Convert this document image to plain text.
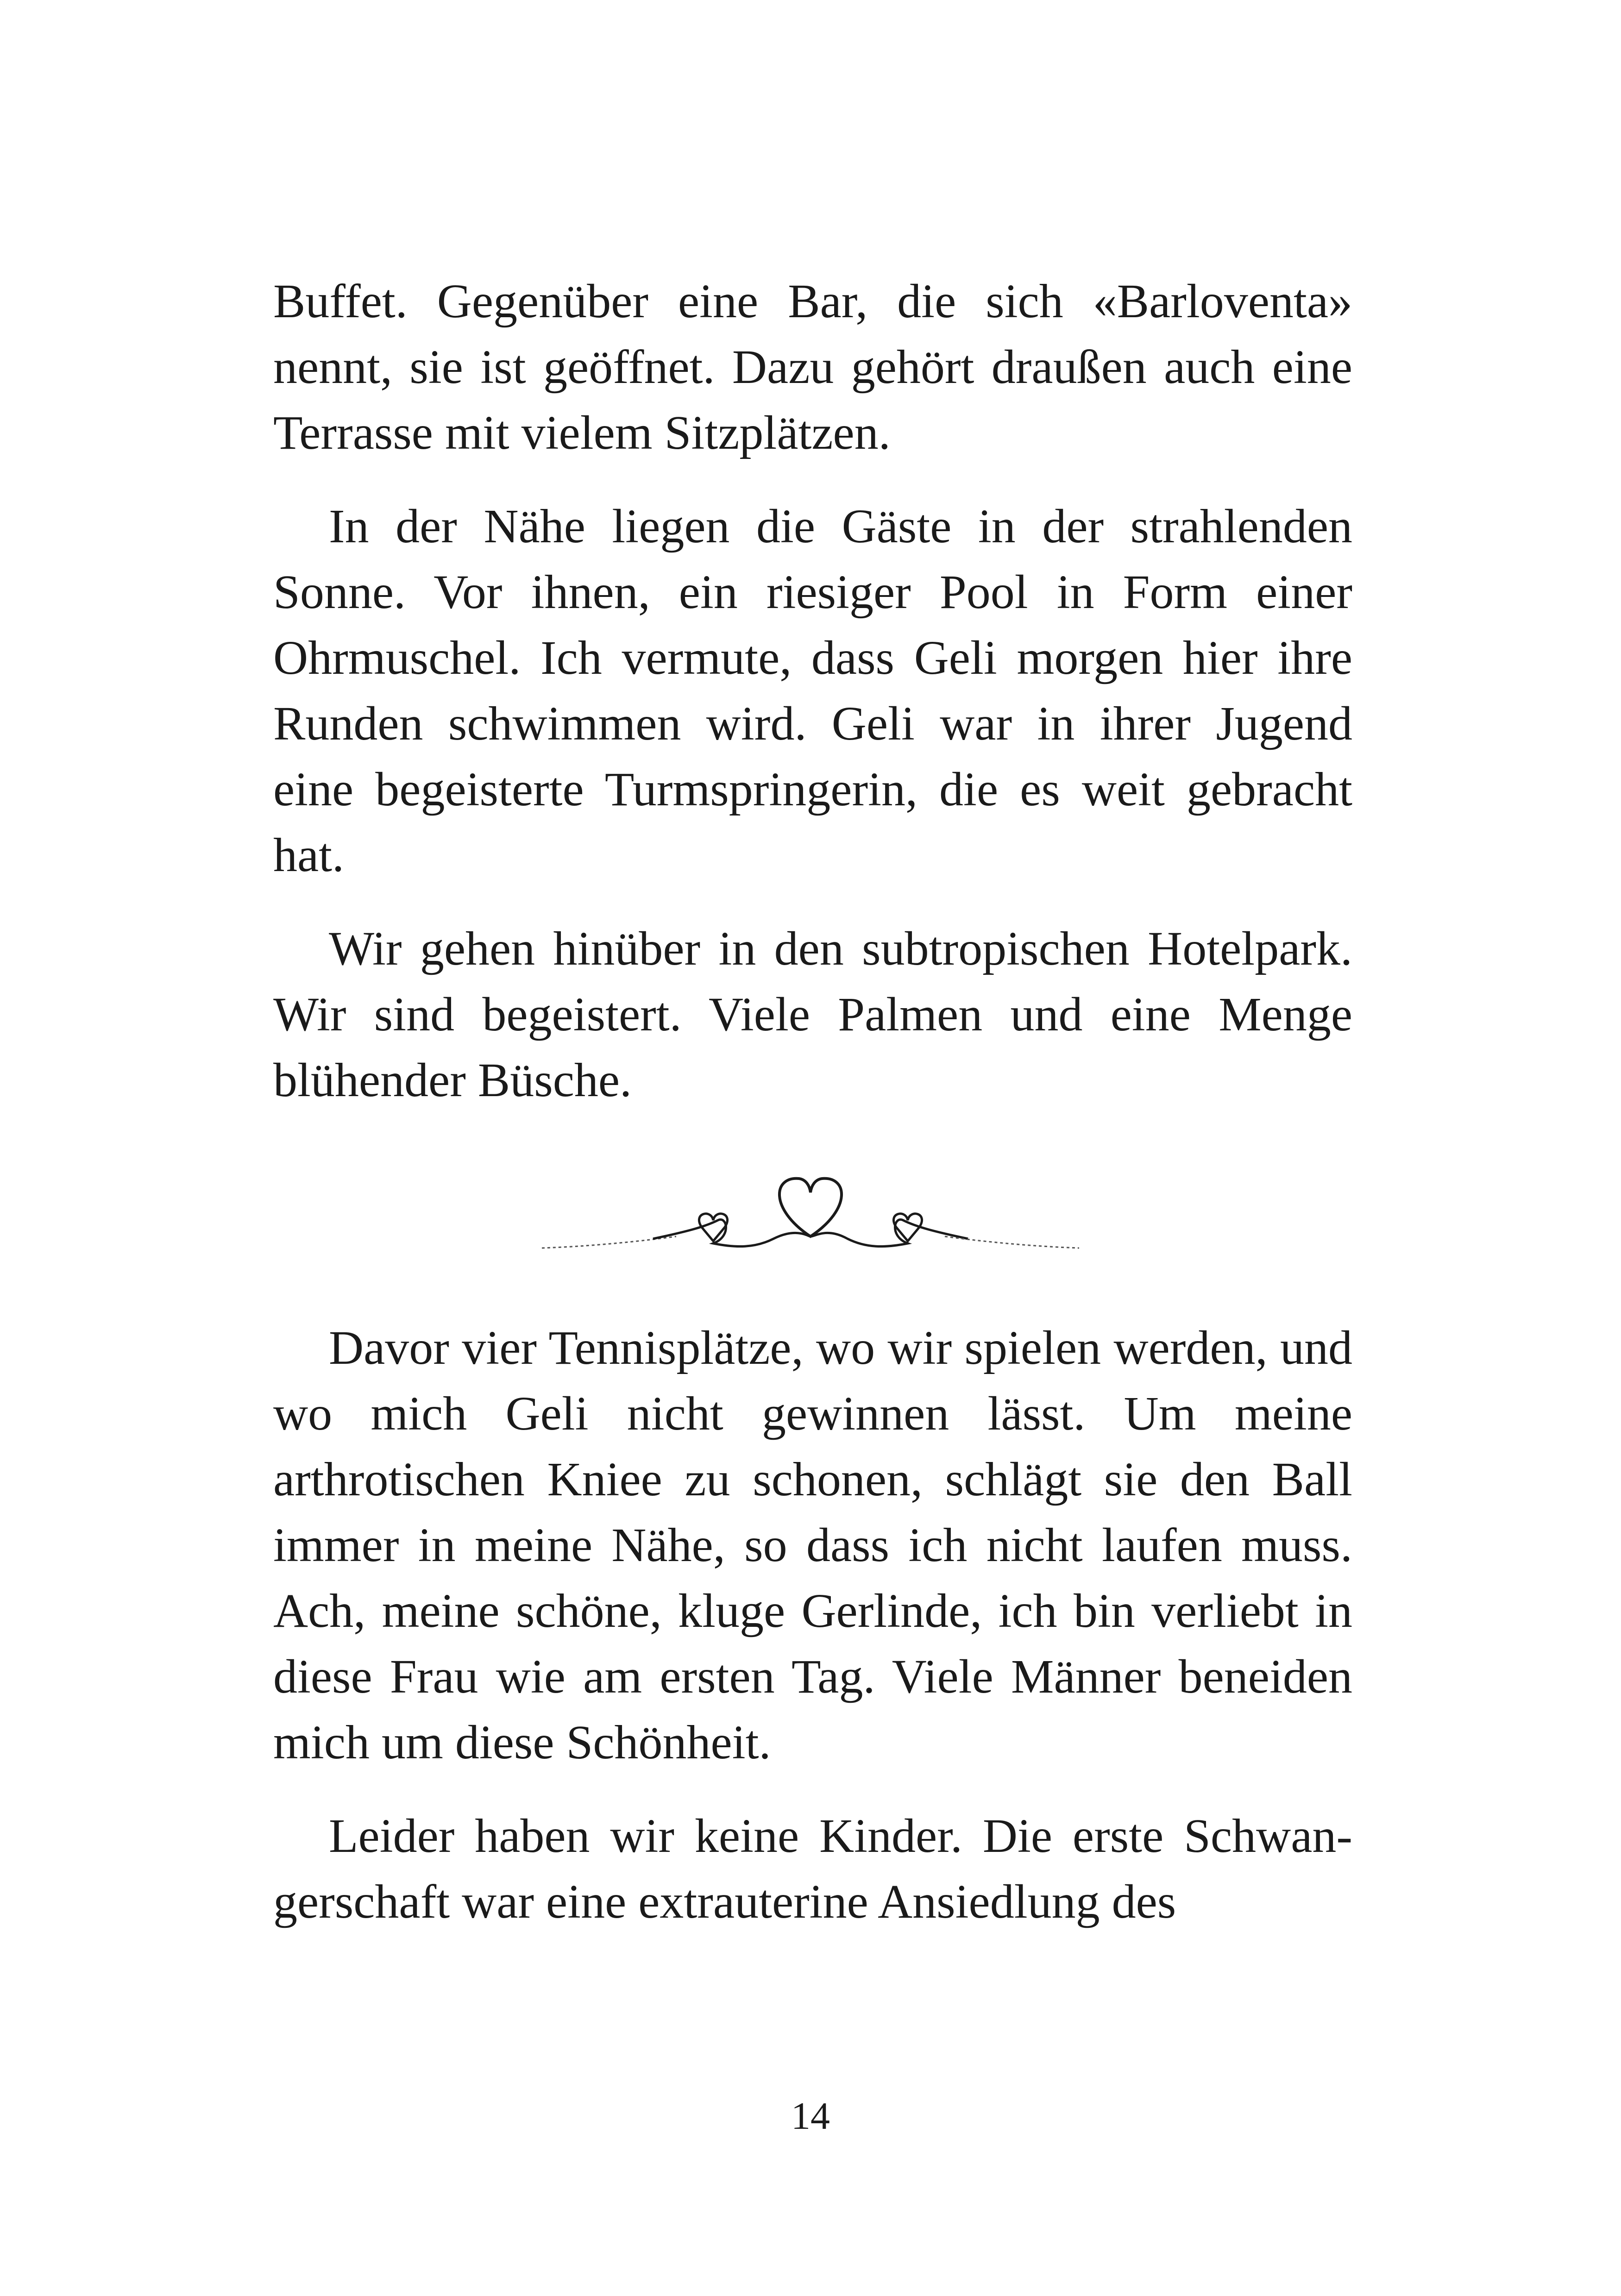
Buffet. Gegenüber eine Bar, die sich «Barloventa» nennt, sie ist geöffnet. Dazu gehört draußen auch eine Terrasse mit vielem Sitzplätzen.

In der Nähe liegen die Gäste in der strahlenden Sonne. Vor ihnen, ein riesiger Pool in Form einer Ohrmuschel. Ich vermute, dass Geli morgen hier ihre Runden schwimmen wird. Geli war in ihrer Jugend eine begeisterte Turmspringerin, die es weit gebracht hat.

Wir gehen hinüber in den subtropischen Hotelpark. Wir sind begeistert. Viele Palmen und eine Menge blühender Büsche.

Davor vier Tennisplätze, wo wir spielen werden, und wo mich Geli nicht gewinnen lässt. Um meine arthrotischen Kniee zu schonen, schlägt sie den Ball immer in meine Nähe, so dass ich nicht laufen muss. Ach, meine schöne, kluge Gerlinde, ich bin verliebt in diese Frau wie am ersten Tag. Viele Männer beneiden mich um diese Schönheit.

Leider haben wir keine Kinder. Die erste Schwangerschaft war eine extrauterine Ansiedlung des

14
